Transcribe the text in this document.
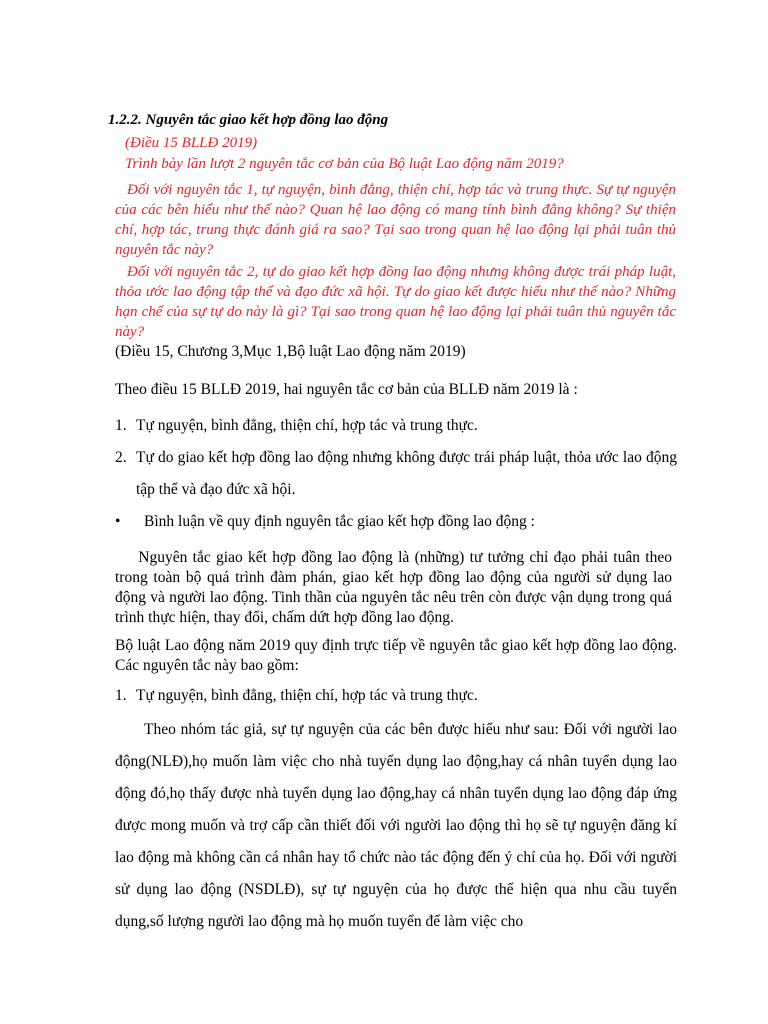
1.2.2. Nguyên tắc giao kết hợp đồng lao động
(Điều 15 BLLĐ 2019)
Trình bày lần lượt 2 nguyên tắc cơ bản của Bộ luật Lao động năm 2019?
Đối với nguyên tắc 1, tự nguyện, bình đẳng, thiện chí, hợp tác và trung thực. Sự tự nguyện của các bên hiểu như thế nào? Quan hệ lao động có mang tính bình đẳng không? Sự thiện chí, hợp tác, trung thực đánh giá ra sao? Tại sao trong quan hệ lao động lại phải tuân thủ nguyên tắc này?
Đối với nguyên tắc 2, tự do giao kết hợp đồng lao động nhưng không được trái pháp luật, thỏa ước lao động tập thể và đạo đức xã hội. Tự do giao kết được hiểu như thế nào? Những hạn chế của sự tự do này là gì? Tại sao trong quan hệ lao động lại phải tuân thủ nguyên tắc này?
(Điều 15, Chương 3,Mục 1,Bộ luật Lao động năm 2019)
Theo điều 15 BLLĐ 2019, hai nguyên tắc cơ bản của BLLĐ năm 2019 là :
1. Tự nguyện, bình đẳng, thiện chí, hợp tác và trung thực.
2. Tự do giao kết hợp đồng lao động nhưng không được trái pháp luật, thỏa ước lao động tập thể và đạo đức xã hội.
• Bình luận về quy định nguyên tắc giao kết hợp đồng lao động :
Nguyên tắc giao kết hợp đồng lao động là (những) tư tưởng chỉ đạo phải tuân theo trong toàn bộ quá trình đàm phán, giao kết hợp đồng lao động của người sử dụng lao động và người lao động. Tinh thần của nguyên tắc nêu trên còn được vận dụng trong quá trình thực hiện, thay đổi, chấm dứt hợp đồng lao động.
Bộ luật Lao động năm 2019 quy định trực tiếp về nguyên tắc giao kết hợp đồng lao động. Các nguyên tắc này bao gồm:
1. Tự nguyện, bình đẳng, thiện chí, hợp tác và trung thực.
Theo nhóm tác giả, sự tự nguyện của các bên được hiểu như sau: Đối với người lao động(NLĐ),họ muốn làm việc cho nhà tuyển dụng lao động,hay cá nhân tuyển dụng lao động đó,họ thấy được nhà tuyển dụng lao động,hay cá nhân tuyển dụng lao động đáp ứng được mong muốn và trợ cấp cần thiết đối với người lao động thì họ sẽ tự nguyện đăng kí lao động mà không cần cá nhân hay tổ chức nào tác động đến ý chí của họ. Đối với người sử dụng lao động (NSDLĐ), sự tự nguyện của họ được thể hiện qua nhu cầu tuyển dụng,số lượng người lao động mà họ muốn tuyển để làm việc cho
